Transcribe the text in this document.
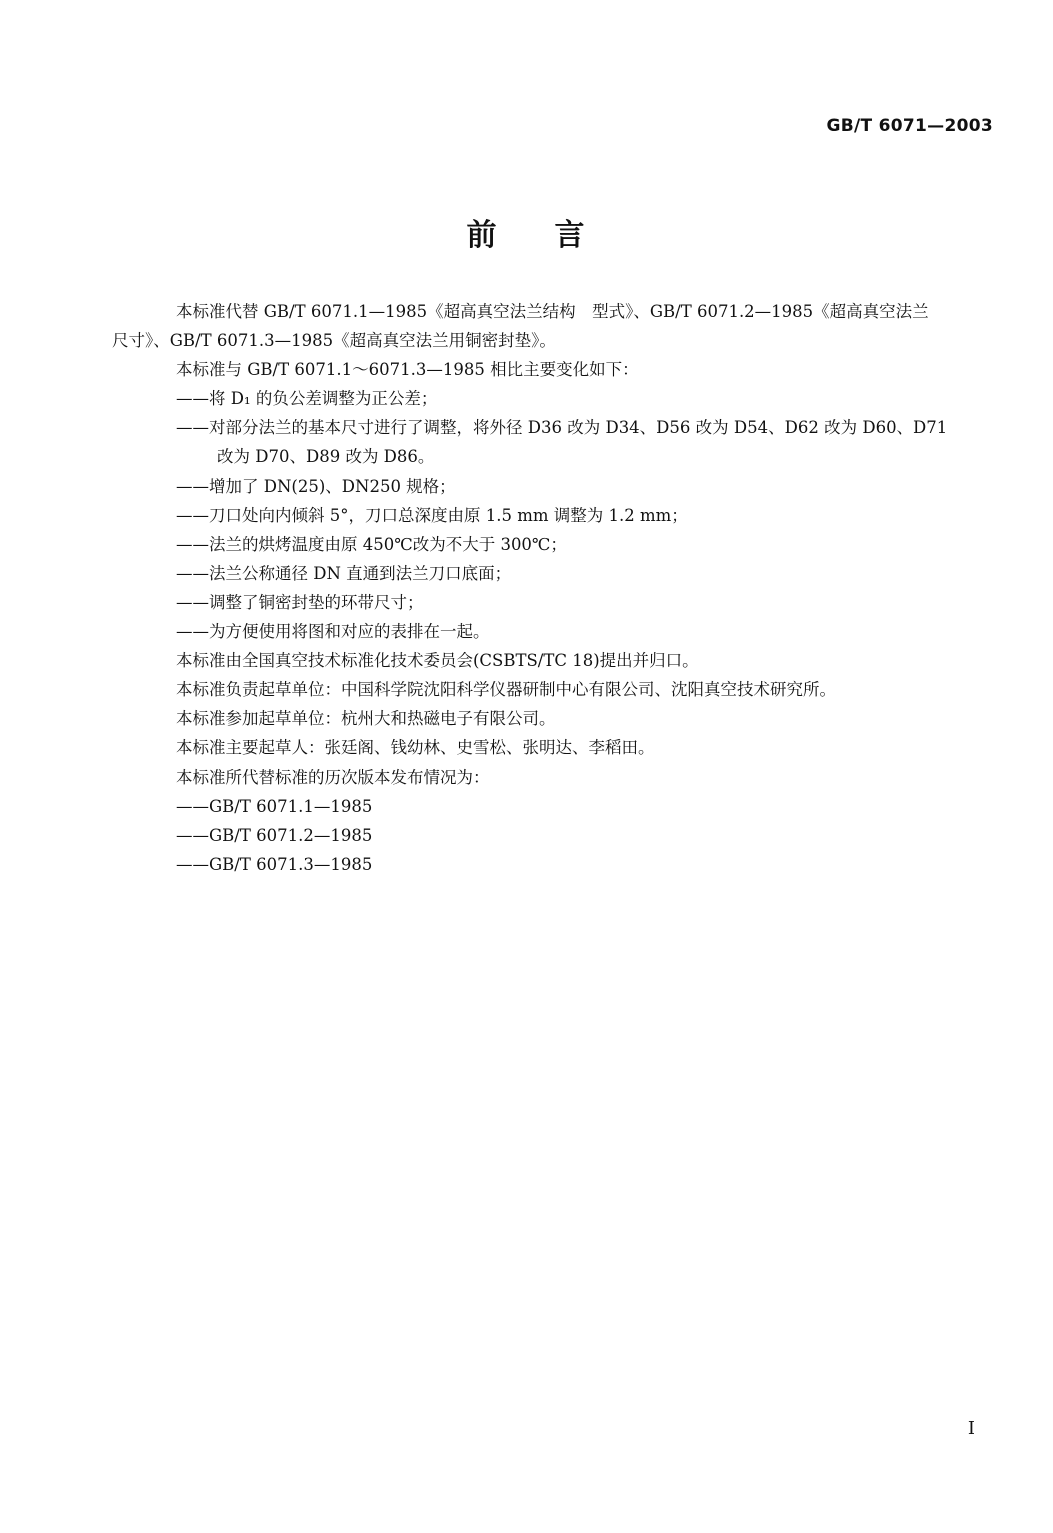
GB/T 6071—2003
前 言
本标准代替 GB/T 6071.1—1985《超高真空法兰结构　型式》、GB/T 6071.2—1985《超高真空法兰
尺寸》、GB/T 6071.3—1985《超高真空法兰用铜密封垫》。
本标准与 GB/T 6071.1～6071.3—1985 相比主要变化如下：
——将 D₁ 的负公差调整为正公差；
——对部分法兰的基本尺寸进行了调整，将外径 D36 改为 D34、D56 改为 D54、D62 改为 D60、D71
改为 D70、D89 改为 D86。
——增加了 DN(25)、DN250 规格；
——刀口处向内倾斜 5°，刀口总深度由原 1.5 mm 调整为 1.2 mm；
——法兰的烘烤温度由原 450℃改为不大于 300℃；
——法兰公称通径 DN 直通到法兰刀口底面；
——调整了铜密封垫的环带尺寸；
——为方便使用将图和对应的表排在一起。
本标准由全国真空技术标准化技术委员会(CSBTS/TC 18)提出并归口。
本标准负责起草单位：中国科学院沈阳科学仪器研制中心有限公司、沈阳真空技术研究所。
本标准参加起草单位：杭州大和热磁电子有限公司。
本标准主要起草人：张廷阁、钱幼林、史雪松、张明达、李稻田。
本标准所代替标准的历次版本发布情况为：
——GB/T 6071.1—1985
——GB/T 6071.2—1985
——GB/T 6071.3—1985
I
